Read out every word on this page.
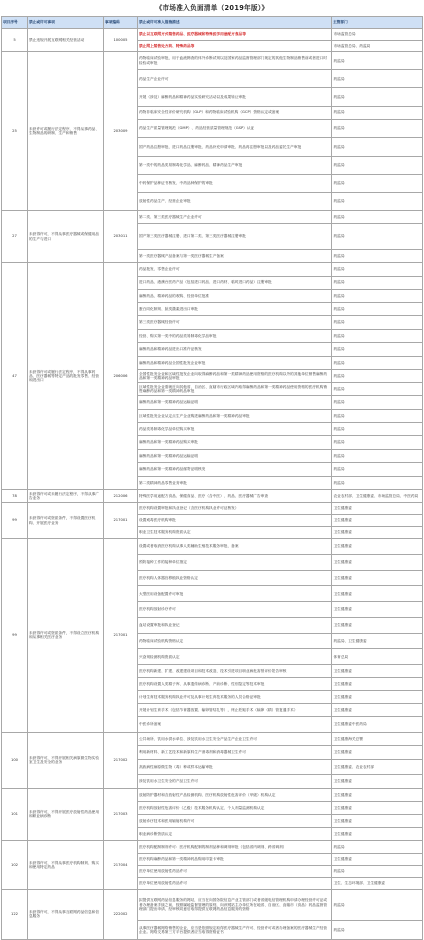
《市场准入负面清单（2019年版）》
项目序号	禁止或许可事项	事项编码	禁止或许可准入措施描述	主管部门
5	禁止违规开展互联网相关经营活动	100005	禁止以互联网方式销售药品、医疗器械和特殊医学用途配方食品等	市场监管总局
			禁止网上销售处方药、特殊药品等	市场监管总局、药监局
25	未获许可或履行法定程序，不得从事药品、生物制品的研制、生产和销售	203009	药物临床试验审批，用于血液筛查的体外诊断试剂以及国家药品监督管理部门规定的其他生物制品销售前或者进口时检验或审批	药监局
			药品生产企业许可	药监局
			开展（涉及）麻醉药品和精神药品实验研究活动以及成果转让审批	药监局
			药物非临床安全性评价研究机构（GLP）和药物临床试验机构（GCP）资格认定或备案	药监局
			药品生产质量管理规范（GMP）、药品经营质量管理规范（GSP）认证	药监局
			国产药品注册审批、进口药品注册审批、药品补充申请审批、药品再注册审批以及药品委托生产审批	药监局
			第一类中的药品类易制毒化学品、麻醉药品、精神药品生产审批	药监局
			中药保护品种证书核发、中药品种保护的审批	药监局
			放射性药品生产、经营企业审批	药监局
27	未获得许可，不得从事医疗器械或保健用品的生产与进口	203011	第二类、第三类医疗器械生产企业许可	药监局
			国产第三类医疗器械注册、进口第二类、第三类医疗器械注册审批	药监局
			第一类医疗器械产品备案与第一类医疗器械生产备案	药监局
47	未获得许可或履行法定程序，不得从事药品、医疗器械等特定产品的批发零售、经营和进出口	206006	药品批发、零售企业许可	药监局
			进口药品、港澳台医药产品（包括进口药品、进口药材、临时进口药品）注册审批	药监局
			麻醉药品、精神药品的收购、经营单位批准	药监局
			蛋白同化制剂、肽类激素进出口审批	药监局
			第三类医疗器械经营许可	药监局
			经营、购买第一类中的药品类易制毒化学品审批	药监局
			麻醉药品和精神药品进出口准许证核发	药监局
			麻醉药品和精神药品全国性批发企业审批	药监局
			全国性批发企业和区域性批发企业向取得麻醉药品和第一类精神药品使用资格的医疗机构以外的其他单位销售麻醉药品和第一类精神药品审批	药监局
			区域性批发企业需就近向其他省、自治区、直辖市行政区域内取得麻醉药品和第一类精神药品使用资格的医疗机构销售麻醉药品和第一类精神药品审批	药监局
			麻醉药品和第一类精神药品运输证明	药监局
			区域性批发企业从定点生产企业购进麻醉药品和第一类精神药品审批	药监局
			药品类易制毒化学品单位购买审批	药监局
			麻醉药品和第一类精神药品购买审批	药监局
			麻醉药品和第一类精神药品运输证明	药监局
			麻醉药品和第一类精神药品邮寄证明核发	药监局
			第二类精神药品零售业务审批	药监局
78	未获得许可或未履行法定程序，不得从事广告业务	212006	特殊医学用途配方食品、保健食品、医疗（含中医）、药品、医疗器械广告审查	农业农村部、卫生健康委、市场监管总局、中医药局
99	未获得许可或资质条件，不得设置医疗机构、开展医疗业务	217001	医疗机构设置审批和执业登记（含医疗机构执业许可证核发）	卫生健康委
			设置戒毒医疗机构审批	卫生健康委
			职业卫生技术服务机构资质认定	卫生健康委
99	未获得许可或资质条件，不得设立医疗机构和从事相关医疗业务	217001	设置或者取消医疗机构从事人类辅助生殖技术服务审批、备案	卫生健康委
			预防接种工作的接种单位指定	卫生健康委
			医疗机构人体器官移植执业资格认定	卫生健康委
			大型医用设备配置许可审批	卫生健康委
			医疗机构放射诊疗许可	卫生健康委
			血站设置审批和执业登记	卫生健康委
			药物临床试验机构资格认定	药监局、卫生健康委
			兴奋剂检测机构资质认定	体育总局
			医疗机构新建、扩建、改建建设项目和技术改造、技术引进项目职业病危害预评价报告审核	卫生健康委
			医疗机构设置人类精子库、从事遗传病诊断、产前诊断、性别鉴定等技术审批	卫生健康委
			计划生育技术服务机构执业许可及从事计划生育技术服务的人员合格证审批	卫生健康委
			开展计划生育手术（包括节育器放置、输卵管结扎等），终止妊娠手术（输卵（精）管复通手术）	卫生健康委
			中医诊所备案	卫生健康委中医药局
100	未获得许可，不得开展相关病原微生物实验室卫生及安全的业务	217002	公共场所、饮用水供水单位、涉及饮用水卫生安全产品生产企业卫生许可	卫生健康海关总署
			利用新材料、新工艺技术和新原料生产消毒剂和消毒器械卫生许可	卫生健康委
			高致病性病原微生物（毒）种或样本运输审批	卫生健康委、农业农村部
			涉及饮用水卫生安全的产品卫生许可	卫生健康委
101	未获得许可，不得开展医疗放射性药品使用和职业病诊断	217003	放射防护器材和含放射性产品检测机构、医疗机构放射性危害评价（甲级）机构认定	卫生健康委
			医疗机构放射性危害评价（乙级）技术服务机构认定、个人剂量监测机构认定	卫生健康委
			放射诊疗技术和医用辐射机构许可	卫生健康委
			职业病诊断资质认定	卫生健康委
102	未获得许可，不得从事医疗机构制剂、购买和使用特定药品	217004	医疗机构配制制剂许可：医疗机构配制的制剂品种和调剂审批（包括省内调剂、跨省调剂）	药监局
			医疗机构麻醉药品和第一类精神药品购用印鉴卡审批	卫生健康委
			医疗单位使用放射性药品许可	药监局
			医疗单位使用放射性药品许可	卫生、生态环境部、卫生健康委
122	未获得许可，不得从事互联网药品信息和信息服务	222002	拟提供互联网药品信息服务的网站，应当在向国务院信息产业主管部门或者省级电信管理机构申请办理经营许可证或者办理备案手续之前，按照属地监督管理的原则，向该网站主办单位所在地省、自治区、直辖市（食品）药品监督管理部门提出申请，经审核同意后取得提供互联网药品信息服务的资格	药监局
			从事医疗器械网络销售的企业，应当是依照规定取得医疗器械生产许可、经营许可或者办理备案的医疗器械生产经营企业。网络交易第三方平台提供者应当取得资格证书	药监局
